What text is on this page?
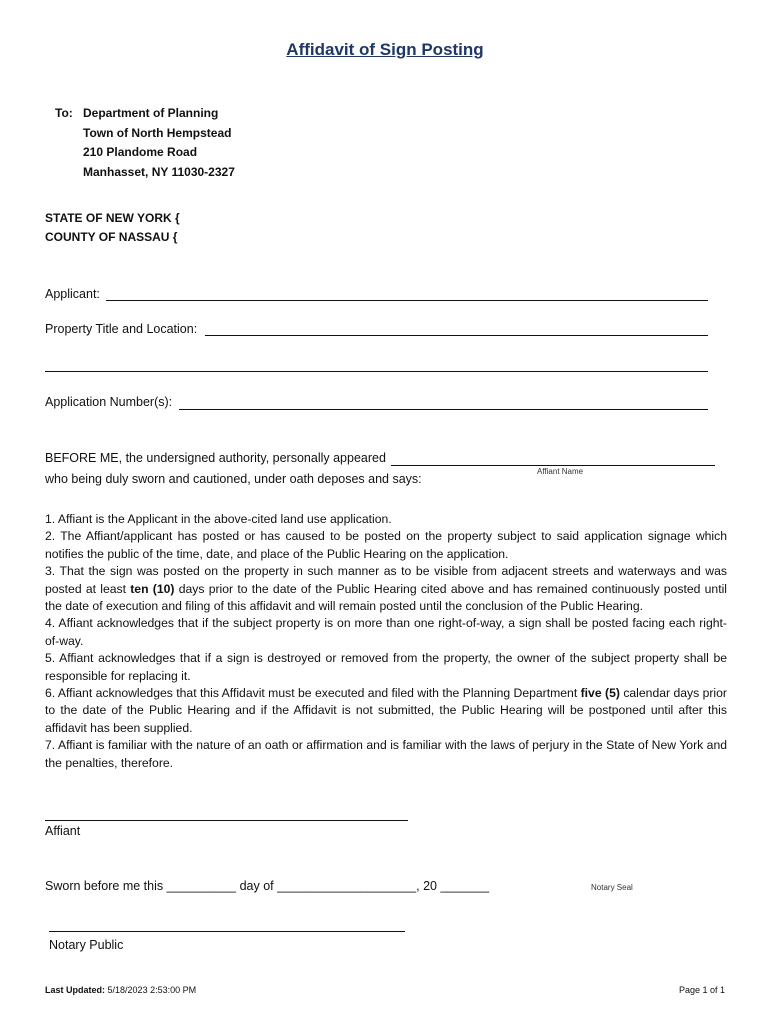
Affidavit of Sign Posting
To: Department of Planning
Town of North Hempstead
210 Plandome Road
Manhasset, NY 11030-2327
STATE OF NEW YORK {
COUNTY OF NASSAU {
Applicant:
Property Title and Location:
Application Number(s):
BEFORE ME, the undersigned authority, personally appeared
Affiant Name
who being duly sworn and cautioned, under oath deposes and says:

1. Affiant is the Applicant in the above-cited land use application.

2. The Affiant/applicant has posted or has caused to be posted on the property subject to said application signage which notifies the public of the time, date, and place of the Public Hearing on the application.

3. That the sign was posted on the property in such manner as to be visible from adjacent streets and waterways and was posted at least ten (10) days prior to the date of the Public Hearing cited above and has remained continuously posted until the date of execution and filing of this affidavit and will remain posted until the conclusion of the Public Hearing.

4. Affiant acknowledges that if the subject property is on more than one right-of-way, a sign shall be posted facing each right-of-way.

5. Affiant acknowledges that if a sign is destroyed or removed from the property, the owner of the subject property shall be responsible for replacing it.

6. Affiant acknowledges that this Affidavit must be executed and filed with the Planning Department five (5) calendar days prior to the date of the Public Hearing and if the Affidavit is not submitted, the Public Hearing will be postponed until after this affidavit has been supplied.

7. Affiant is familiar with the nature of an oath or affirmation and is familiar with the laws of perjury in the State of New York and the penalties, therefore.

Affiant
Sworn before me this __________ day of ____________________, 20 _______	Notary Seal
Notary Public
Last Updated: 5/18/2023 2:53:00 PM	Page 1 of 1
